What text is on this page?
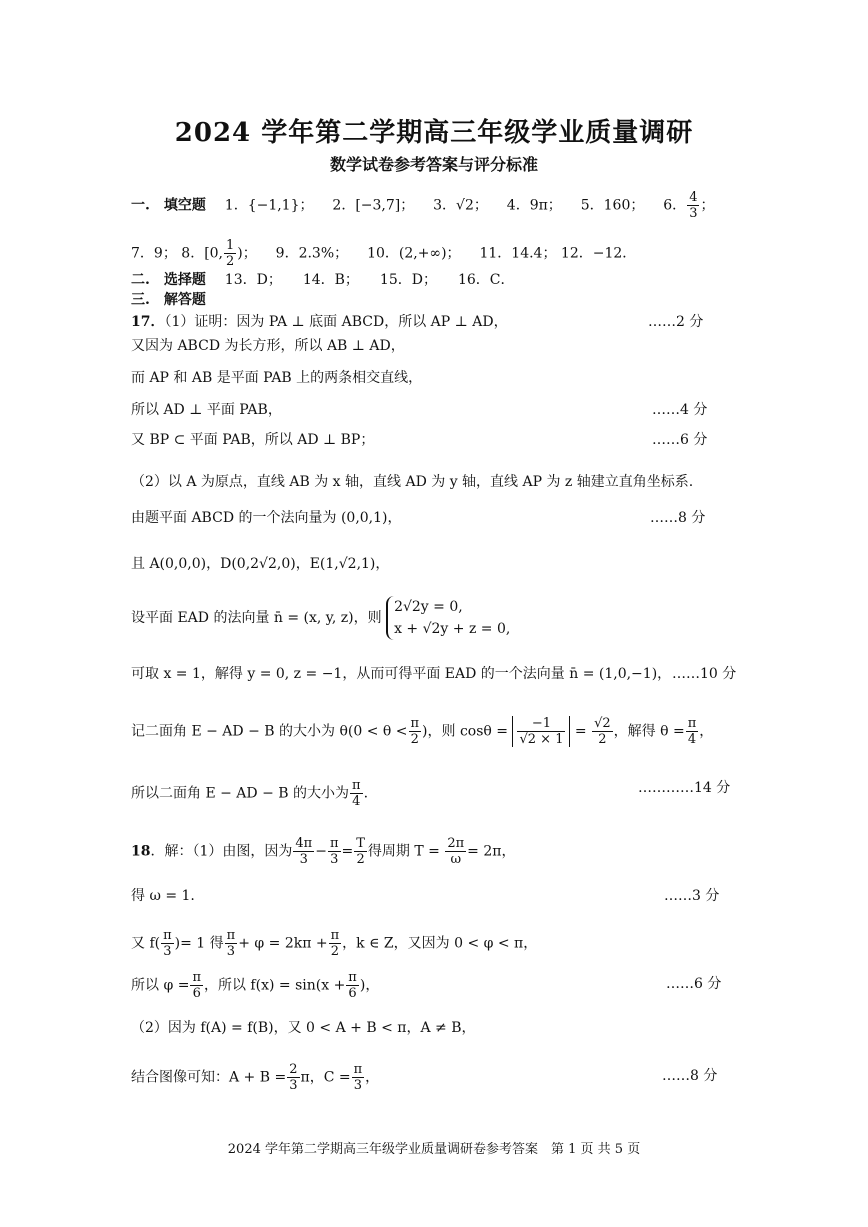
2024 学年第二学期高三年级学业质量调研
数学试卷参考答案与评分标准
一.　填空题 1．{−1,1}； 2．[−3,7]； 3．√2； 4．9π； 5．160； 6． $\frac{4}{3}$ ；
7．9； 8．[0, $\frac{1}{2}$ )； 9．2.3%； 10．(2,+∞)； 11．14.4； 12．−12．
二.　选择题 13．D；　　14．B；　　15．D；　　16．C．
三.　解答题
17．（1）证明：因为 PA ⊥ 底面 ABCD，所以 AP ⊥ AD，	……2 分
又因为 ABCD 为长方形，所以 AB ⊥ AD，
而 AP 和 AB 是平面 PAB 上的两条相交直线，
所以 AD ⊥ 平面 PAB，	……4 分
又 BP ⊂ 平面 PAB，所以 AD ⊥ BP；	……6 分
（2）以 A 为原点，直线 AB 为 x 轴，直线 AD 为 y 轴，直线 AP 为 z 轴建立直角坐标系.
由题平面 ABCD 的一个法向量为 (0,0,1)，	……8 分
且 A(0,0,0)，D(0,2√2,0)，E(1,√2,1)，
设平面 EAD 的法向量 n̄ = (x, y, z)，则
2√2y = 0,
x + √2y + z = 0,
可取 x = 1，解得 y = 0, z = −1，从而可得平面 EAD 的一个法向量 n̄ = (1,0,−1)， ……10 分
记二面角 E − AD − B 的大小为 $\theta(0 < \theta < \frac{\pi}{2}$ )，则 $\cos\theta = \frac{-1}{√2 \times 1} = \frac{√2}{2}$ ，解得 $\theta = \frac{\pi}{4}$ ，
所以二面角 E − AD − B 的大小为 $\frac{\pi}{4}$ .	…………14 分
18．解：（1）由图，因为 $\frac{4\pi}{3} - \frac{\pi}{3} = \frac{T}{2}$ 得周期 $T = \frac{2\pi}{\omega} = 2\pi$，
得 ω = 1.	……3 分
又 $f( \frac{\pi}{3}$ )= 1 得 $\frac{\pi}{3} + \varphi = 2k\pi + \frac{\pi}{2}$ ，k ∈ Z，又因为 0 < φ < π，
所以 $\varphi = \frac{\pi}{6}$ ，所以 $f(x) = \sin(x + \frac{\pi}{6}$ )，	……6 分
（2）因为 f(A) = f(B)，又 0 < A + B < π，A ≠ B，
结合图像可知：$A + B = \frac{2}{3}$ π，$C = \frac{\pi}{3}$ ，	……8 分
2024 学年第二学期高三年级学业质量调研卷参考答案　第 1 页 共 5 页
